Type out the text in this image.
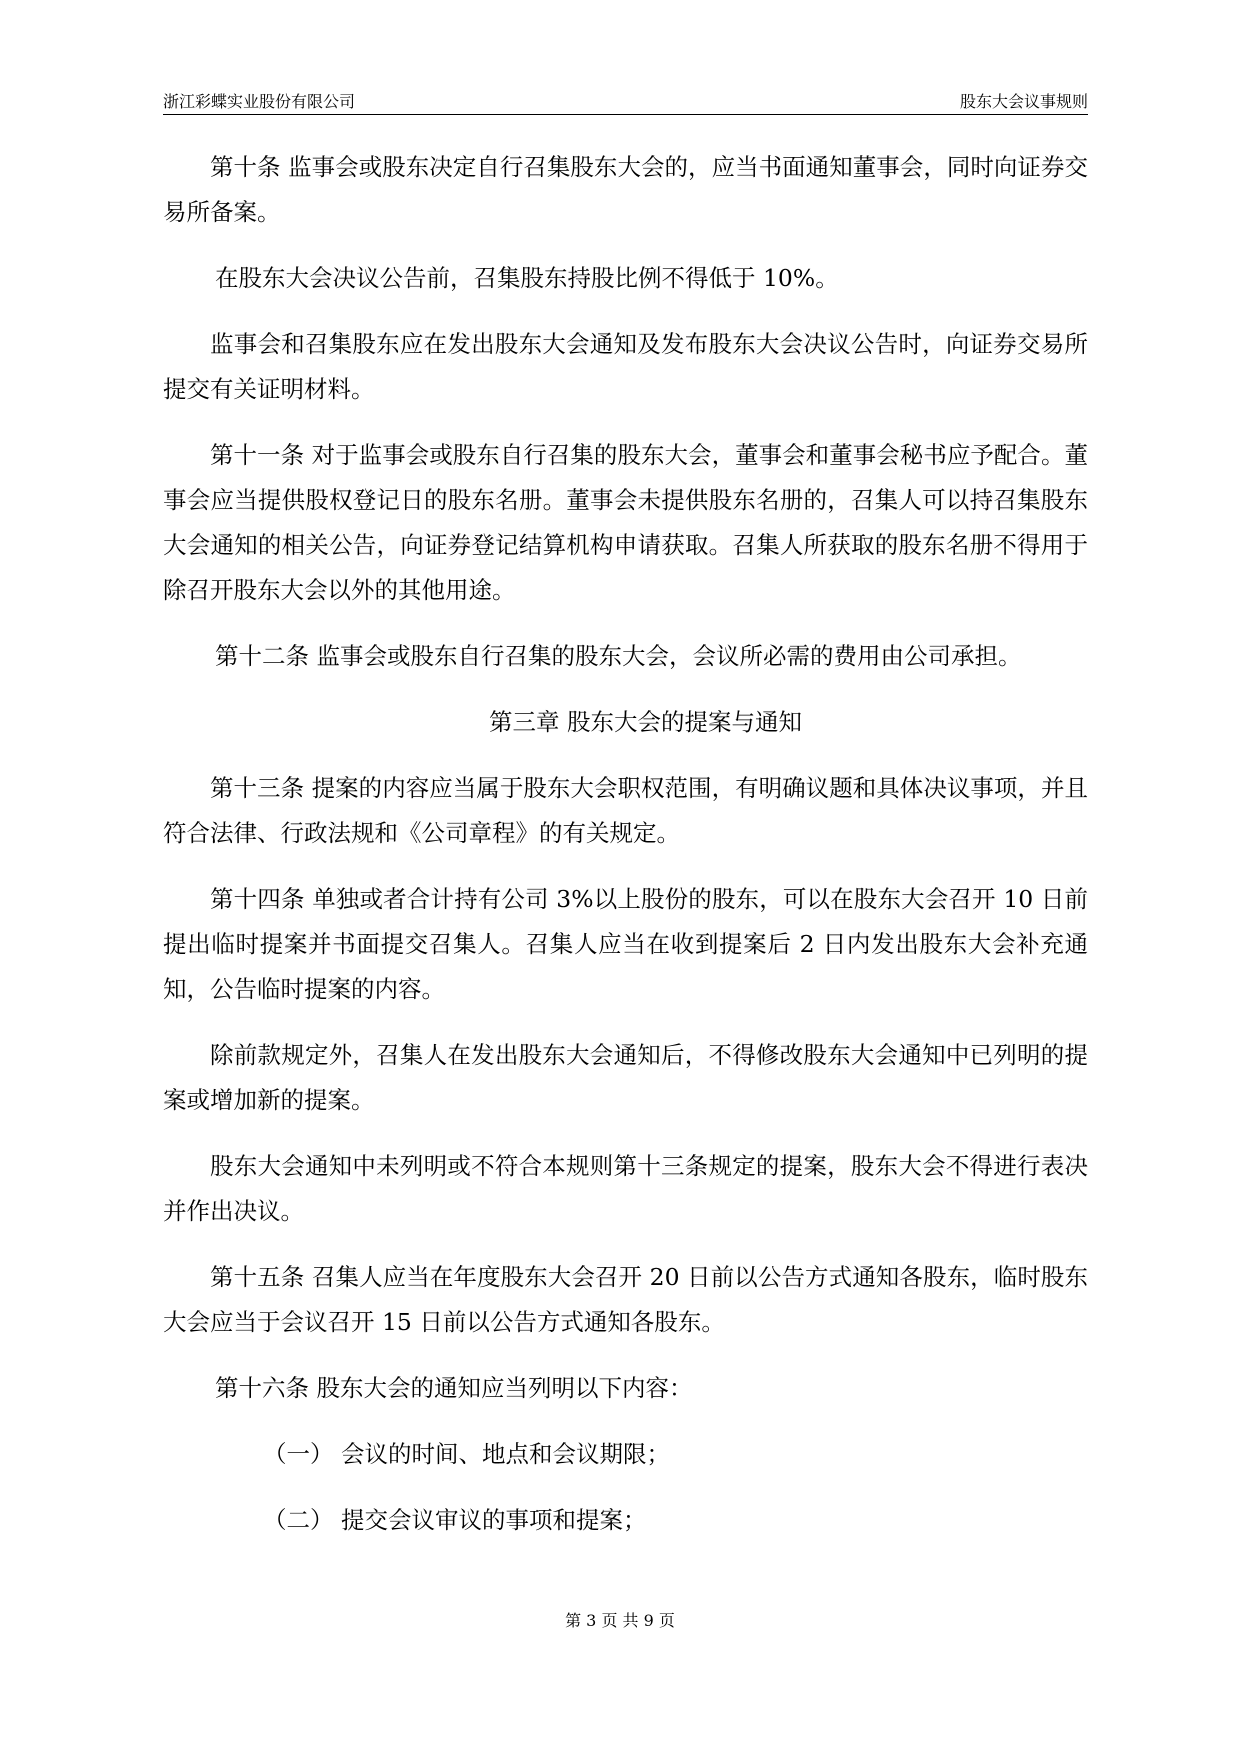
浙江彩蝶实业股份有限公司	股东大会议事规则

第十条 监事会或股东决定自行召集股东大会的，应当书面通知董事会，同时向证券交易所备案。

在股东大会决议公告前，召集股东持股比例不得低于 10%。

监事会和召集股东应在发出股东大会通知及发布股东大会决议公告时，向证券交易所提交有关证明材料。

第十一条 对于监事会或股东自行召集的股东大会，董事会和董事会秘书应予配合。董事会应当提供股权登记日的股东名册。董事会未提供股东名册的，召集人可以持召集股东大会通知的相关公告，向证券登记结算机构申请获取。召集人所获取的股东名册不得用于除召开股东大会以外的其他用途。

第十二条 监事会或股东自行召集的股东大会，会议所必需的费用由公司承担。

第三章 股东大会的提案与通知

第十三条 提案的内容应当属于股东大会职权范围，有明确议题和具体决议事项，并且符合法律、行政法规和《公司章程》的有关规定。

第十四条 单独或者合计持有公司 3%以上股份的股东，可以在股东大会召开 10 日前提出临时提案并书面提交召集人。召集人应当在收到提案后 2 日内发出股东大会补充通知，公告临时提案的内容。

除前款规定外，召集人在发出股东大会通知后，不得修改股东大会通知中已列明的提案或增加新的提案。

股东大会通知中未列明或不符合本规则第十三条规定的提案，股东大会不得进行表决并作出决议。

第十五条 召集人应当在年度股东大会召开 20 日前以公告方式通知各股东，临时股东大会应当于会议召开 15 日前以公告方式通知各股东。

第十六条 股东大会的通知应当列明以下内容：

（一） 会议的时间、地点和会议期限；

（二） 提交会议审议的事项和提案；

第 3 页 共 9 页
